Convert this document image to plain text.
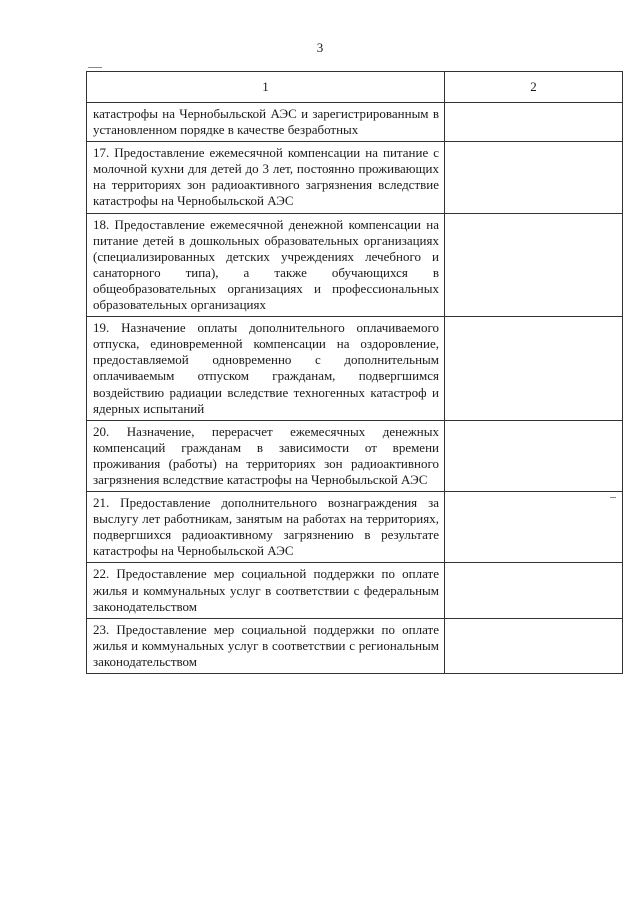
3
1	2

катастрофы на Чернобыльской АЭС и зарегистрированным в установленном порядке в качестве безработных	

17. Предоставление ежемесячной компенсации на питание с молочной кухни для детей до 3 лет, постоянно проживающих на территориях зон радиоактивного загрязнения вследствие катастрофы на Чернобыльской АЭС	

18. Предоставление ежемесячной денежной компенсации на питание детей в дошкольных образовательных организациях (специализированных детских учреждениях лечебного и санаторного типа), а также обучающихся в общеобразовательных организациях и профессиональных образовательных организациях	

19. Назначение оплаты дополнительного оплачиваемого отпуска, единовременной компенсации на оздоровление, предоставляемой одновременно с дополнительным оплачиваемым отпуском гражданам, подвергшимся воздействию радиации вследствие техногенных катастроф и ядерных испытаний	

20. Назначение, перерасчет ежемесячных денежных компенсаций гражданам в зависимости от времени проживания (работы) на территориях зон радиоактивного загрязнения вследствие катастрофы на Чернобыльской АЭС	

21. Предоставление дополнительного вознаграждения за выслугу лет работникам, занятым на работах на территориях, подвергшихся радиоактивному загрязнению в результате катастрофы на Чернобыльской АЭС	

22. Предоставление мер социальной поддержки по оплате жилья и коммунальных услуг в соответствии с федеральным законодательством	

23. Предоставление мер социальной поддержки по оплате жилья и коммунальных услуг в соответствии с региональным законодательством	
